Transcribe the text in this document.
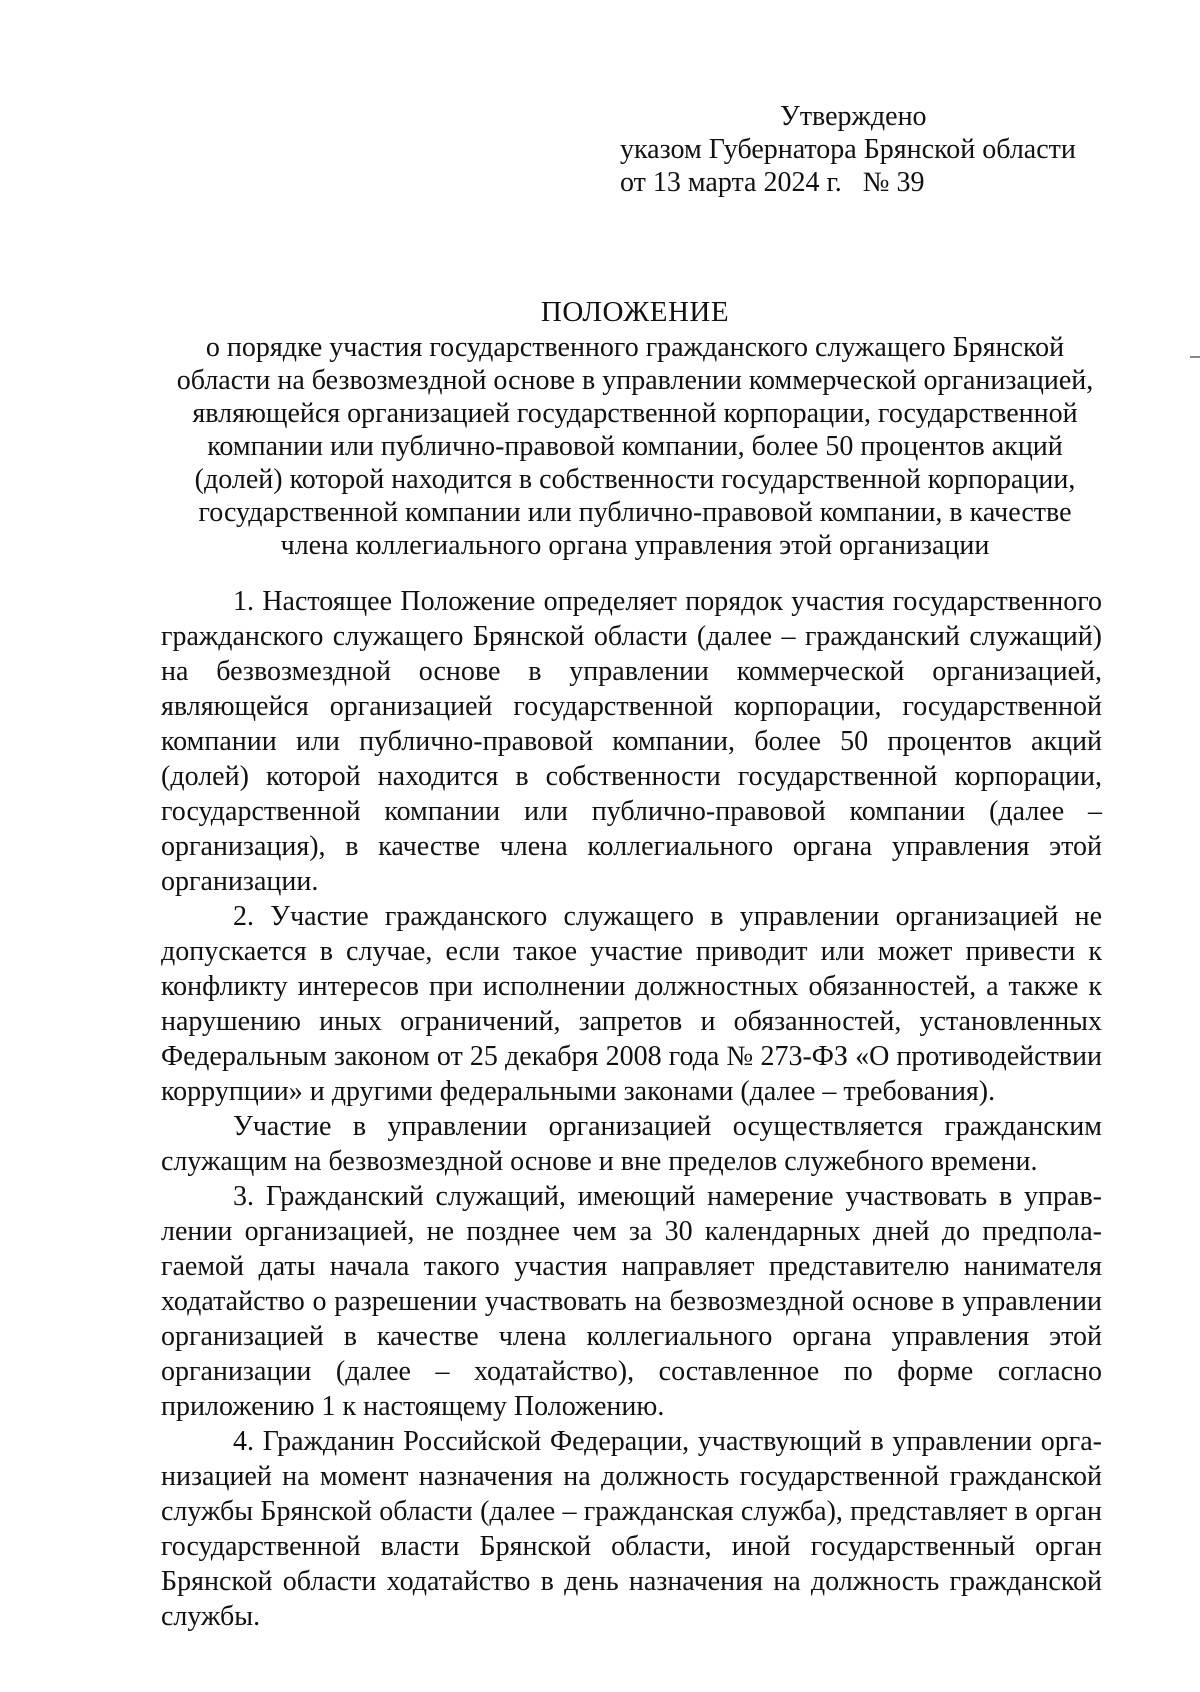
Утверждено
указом Губернатора Брянской области
от 13 марта 2024 г. № 39
ПОЛОЖЕНИЕ
о порядке участия государственного гражданского служащего Брянской
области на безвозмездной основе в управлении коммерческой организацией,
являющейся организацией государственной корпорации, государственной
компании или публично-правовой компании, более 50 процентов акций
(долей) которой находится в собственности государственной корпорации,
государственной компании или публично-правовой компании, в качестве
члена коллегиального органа управления этой организации

1. Настоящее Положение определяет порядок участия государственного гражданского служащего Брянской области (далее – гражданский служащий) на безвозмездной основе в управлении коммерческой организацией, являющейся организацией государственной корпорации, государственной компании или публично-правовой компании, более 50 процентов акций (долей) которой находится в собственности государственной корпорации, государственной компании или публично-правовой компании (далее – организация), в качестве члена коллегиального органа управления этой организации.

2. Участие гражданского служащего в управлении организацией не допускается в случае, если такое участие приводит или может привести к конфликту интересов при исполнении должностных обязанностей, а также к нарушению иных ограничений, запретов и обязанностей, установленных Федеральным законом от 25 декабря 2008 года № 273-ФЗ «О противодействии коррупции» и другими федеральными законами (далее – требования).

Участие в управлении организацией осуществляется гражданским служащим на безвозмездной основе и вне пределов служебного времени.

3. Гражданский служащий, имеющий намерение участвовать в управлении организацией, не позднее чем за 30 календарных дней до предполагаемой даты начала такого участия направляет представителю нанимателя ходатайство о разрешении участвовать на безвозмездной основе в управлении организацией в качестве члена коллегиального органа управления этой организации (далее – ходатайство), составленное по форме согласно приложению 1 к настоящему Положению.

4. Гражданин Российской Федерации, участвующий в управлении организацией на момент назначения на должность государственной гражданской службы Брянской области (далее – гражданская служба), представляет в орган государственной власти Брянской области, иной государственный орган Брянской области ходатайство в день назначения на должность гражданской службы.
